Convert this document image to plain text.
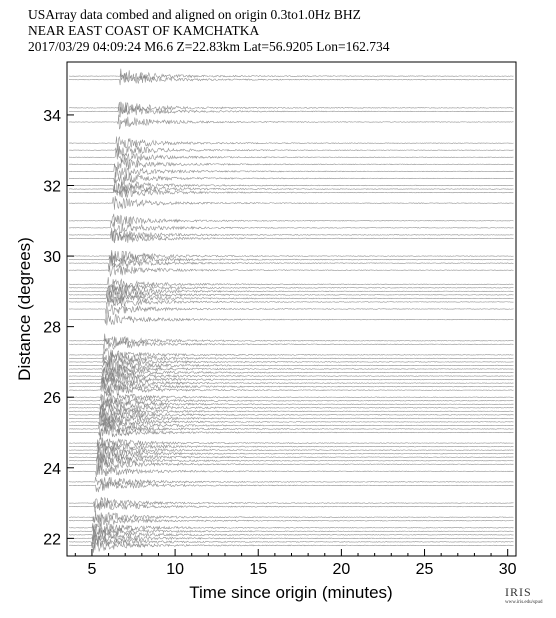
USArray data combed and aligned on origin 0.3to1.0Hz BHZ
NEAR EAST COAST OF KAMCHATKA
2017/03/29 04:09:24 M6.6 Z=22.83km Lat=56.9205 Lon=162.734
5	10	15	20	25	30
22
24
26
28
30
32
34
Time since origin (minutes)
Distance (degrees)
IRIS
www.iris.edu/spud
